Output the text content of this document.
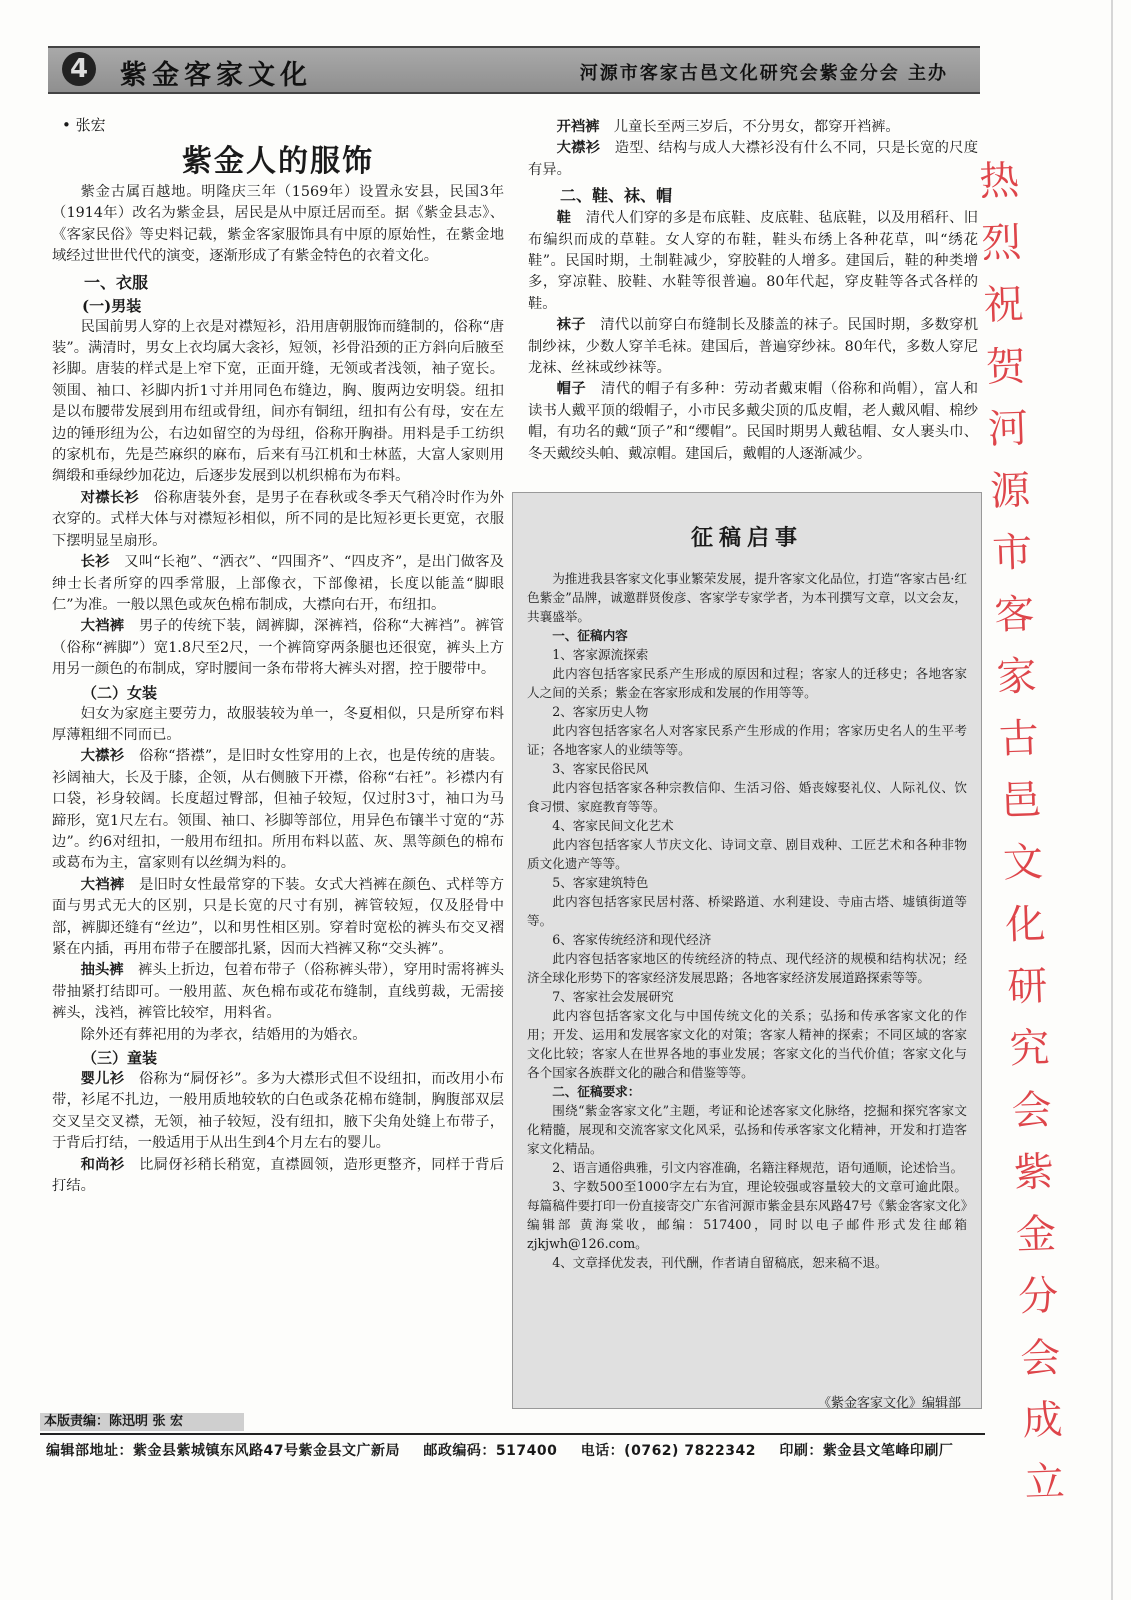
4 紫金客家文化	河源市客家古邑文化研究会紫金分会 主办
• 张宏
紫金人的服饰

紫金古属百越地。明隆庆三年（1569年）设置永安县，民国3年（1914年）改名为紫金县，居民是从中原迁居而至。据《紫金县志》、《客家民俗》等史料记载，紫金客家服饰具有中原的原始性，在紫金地域经过世世代代的演变，逐渐形成了有紫金特色的衣着文化。

一、衣服
(一)男装

民国前男人穿的上衣是对襟短衫，沿用唐朝服饰而缝制的，俗称“唐装”。满清时，男女上衣均属大衾衫，短领，衫骨沿颈的正方斜向后腋至衫脚。唐装的样式是上窄下宽，正面开缝，无领或者浅领，袖子宽长。领围、袖口、衫脚内折1寸并用同色布缝边，胸、腹两边安明袋。纽扣是以布腰带发展到用布纽或骨纽，间亦有铜纽，纽扣有公有母，安在左边的锤形纽为公，右边如留空的为母纽，俗称开胸褂。用料是手工纺织的家机布，先是苎麻织的麻布，后来有马江机和士林蓝，大富人家则用绸缎和垂绿纱加花边，后逐步发展到以机织棉布为布料。

对襟长衫　 俗称唐装外套，是男子在春秋或冬季天气稍冷时作为外衣穿的。式样大体与对襟短衫相似，所不同的是比短衫更长更宽，衣服下摆明显呈扇形。

长衫　 又叫“长袍”、“洒衣”、“四围齐”、“四皮齐”，是出门做客及绅士长者所穿的四季常服，上部像衣，下部像裙，长度以能盖“脚眼仁”为准。一般以黑色或灰色棉布制成，大襟向右开，布纽扣。

大裆裤　 男子的传统下装，阔裤脚，深裤裆，俗称“大裤裆”。裤管（俗称“裤脚”）宽1.8尺至2尺，一个裤筒穿两条腿也还很宽，裤头上方用另一颜色的布制成，穿时腰间一条布带将大裤头对摺，控于腰带中。

（二）女装

妇女为家庭主要劳力，故服装较为单一，冬夏相似，只是所穿布料厚薄粗细不同而已。

大襟衫　 俗称“搭襟”，是旧时女性穿用的上衣，也是传统的唐装。衫阔袖大，长及于膝，企领，从右侧腋下开襟，俗称“右衽”。衫襟内有口袋，衫身较阔。长度超过臀部，但袖子较短，仅过肘3寸，袖口为马蹄形，宽1尺左右。领围、袖口、衫脚等部位，用异色布镶半寸宽的“苏边”。约6对纽扣，一般用布纽扣。所用布料以蓝、灰、黑等颜色的棉布或葛布为主，富家则有以丝绸为料的。

大裆裤　 是旧时女性最常穿的下装。女式大裆裤在颜色、式样等方面与男式无大的区别，只是长宽的尺寸有别，裤管较短，仅及胫骨中部，裤脚还缝有“丝边”，以和男性相区别。穿着时宽松的裤头布交叉褶紧在内插，再用布带子在腰部扎紧，因而大裆裤又称“交头裤”。

抽头裤　 裤头上折边，包着布带子（俗称裤头带），穿用时需将裤头带抽紧打结即可。一般用蓝、灰色棉布或花布缝制，直线剪裁，无需接裤头，浅裆，裤管比较窄，用料省。

除外还有葬祀用的为孝衣，结婚用的为婚衣。

（三）童装

婴儿衫　 俗称为“屙伢衫”。多为大襟形式但不设纽扣，而改用小布带，衫尾不扎边，一般用质地较软的白色或条花棉布缝制，胸腹部双层交叉呈交叉襟，无领，袖子较短，没有纽扣，腋下尖角处缝上布带子，于背后打结，一般适用于从出生到4个月左右的婴儿。

和尚衫　 比屙伢衫稍长稍宽，直襟圆领，造形更整齐，同样于背后打结。

开裆裤　 儿童长至两三岁后，不分男女，都穿开裆裤。

大襟衫　 造型、结构与成人大襟衫没有什么不同，只是长宽的尺度有异。

二、鞋、袜、帽

鞋　 清代人们穿的多是布底鞋、皮底鞋、毡底鞋，以及用稻秆、旧布编织而成的草鞋。女人穿的布鞋，鞋头布绣上各种花草，叫“绣花鞋”。民国时期，土制鞋减少，穿胶鞋的人增多。建国后，鞋的种类增多，穿凉鞋、胶鞋、水鞋等很普遍。80年代起，穿皮鞋等各式各样的鞋。

袜子　 清代以前穿白布缝制长及膝盖的袜子。民国时期，多数穿机制纱袜，少数人穿羊毛袜。建国后，普遍穿纱袜。80年代，多数人穿尼龙袜、丝袜或纱袜等。

帽子　 清代的帽子有多种：劳动者戴束帽（俗称和尚帽），富人和读书人戴平顶的缎帽子，小市民多戴尖顶的瓜皮帽，老人戴风帽、棉纱帽，有功名的戴“顶子”和“缨帽”。民国时期男人戴毡帽、女人裹头巾、冬天戴绞头帕、戴凉帽。建国后，戴帽的人逐渐减少。

征稿启事

为推进我县客家文化事业繁荣发展，提升客家文化品位，打造“客家古邑·红色紫金”品牌，诚邀群贤俊彦、客家学专家学者，为本刊撰写文章，以文会友，共襄盛举。

一、征稿内容

1、客家源流探索

此内容包括客家民系产生形成的原因和过程；客家人的迁移史；各地客家人之间的关系；紫金在客家形成和发展的作用等等。

2、客家历史人物

此内容包括客家名人对客家民系产生形成的作用；客家历史名人的生平考证；各地客家人的业绩等等。

3、客家民俗民风

此内容包括客家各种宗教信仰、生活习俗、婚丧嫁娶礼仪、人际礼仪、饮食习惯、家庭教育等等。

4、客家民间文化艺术

此内容包括客家人节庆文化、诗词文章、剧目戏种、工匠艺术和各种非物质文化遗产等等。

5、客家建筑特色

此内容包括客家民居村落、桥梁路道、水利建设、寺庙古塔、墟镇街道等等。

6、客家传统经济和现代经济

此内容包括客家地区的传统经济的特点、现代经济的规模和结构状况；经济全球化形势下的客家经济发展思路；各地客家经济发展道路探索等等。

7、客家社会发展研究

此内容包括客家文化与中国传统文化的关系；弘扬和传承客家文化的作用；开发、运用和发展客家文化的对策；客家人精神的探索；不同区域的客家文化比较；客家人在世界各地的事业发展；客家文化的当代价值；客家文化与各个国家各族群文化的融合和借鉴等等。

二、征稿要求：

围绕“紫金客家文化”主题，考证和论述客家文化脉络，挖掘和探究客家文化精髓，展现和交流客家文化风采，弘扬和传承客家文化精神，开发和打造客家文化精品。

2、语言通俗典雅，引文内容准确，名籍注释规范，语句通顺，论述恰当。

3、字数500至1000字左右为宜，理论较强或容量较大的文章可逾此限。每篇稿件要打印一份直接寄交广东省河源市紫金县东风路47号《紫金客家文化》编辑部 黄海棠收，邮编：517400，同时以电子邮件形式发往邮箱zjkjwh@126.com。

4、文章择优发表，刊代酬，作者请自留稿底，恕来稿不退。

《紫金客家文化》编辑部
本版责编：陈迅明 张 宏
编辑部地址：紫金县紫城镇东风路47号紫金县文广新局 邮政编码：517400 电话：(0762) 7822342 印刷：紫金县文笔峰印刷厂
热
烈
祝
贺
河
源
市
客
家
古
邑
文
化
研
究
会
紫
金
分
会
成
立
